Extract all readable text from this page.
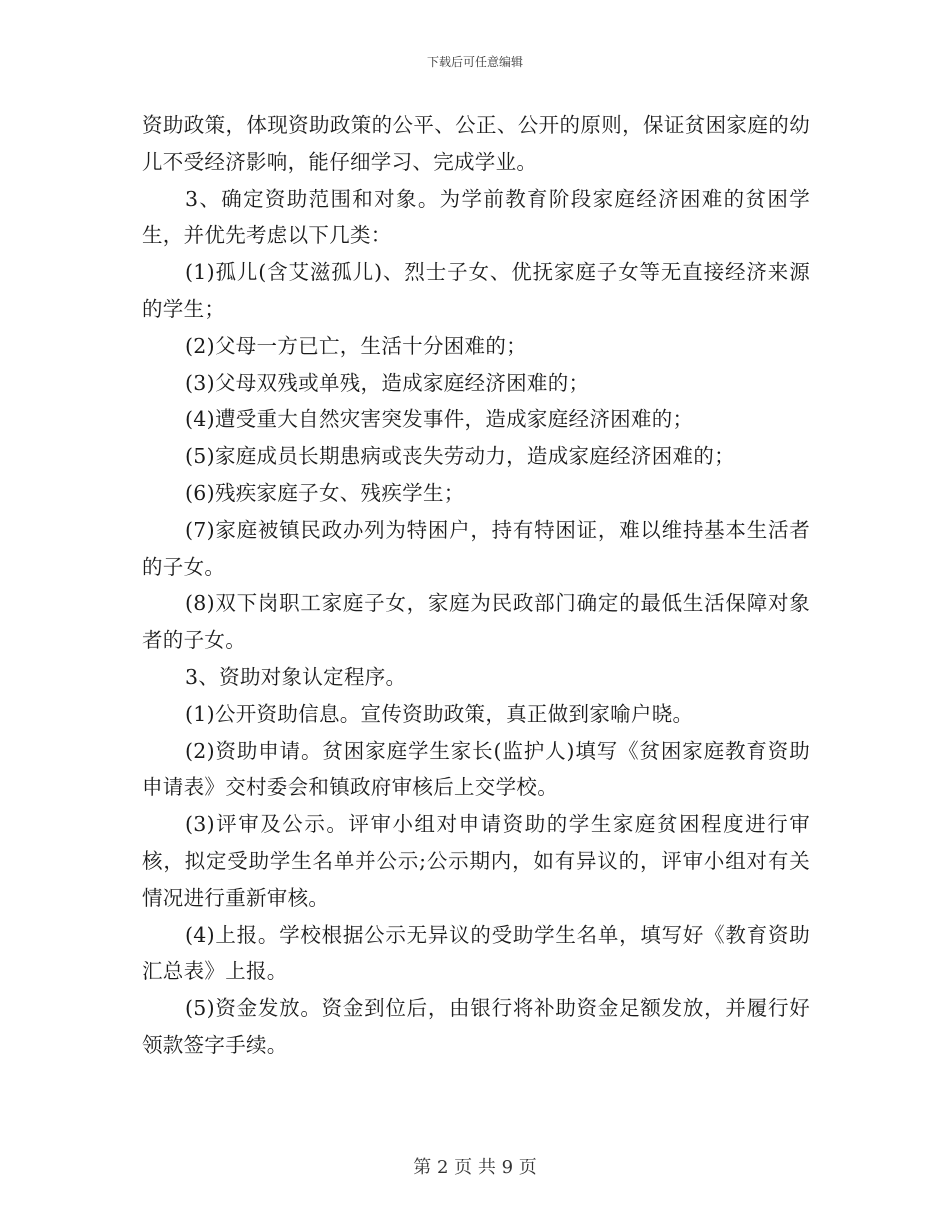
下载后可任意编辑

资助政策，体现资助政策的公平、公正、公开的原则，保证贫困家庭的幼儿不受经济影响，能仔细学习、完成学业。

3、确定资助范围和对象。为学前教育阶段家庭经济困难的贫困学生，并优先考虑以下几类：

(1)孤儿(含艾滋孤儿)、烈士子女、优抚家庭子女等无直接经济来源的学生；

(2)父母一方已亡，生活十分困难的；

(3)父母双残或单残，造成家庭经济困难的；

(4)遭受重大自然灾害突发事件，造成家庭经济困难的；

(5)家庭成员长期患病或丧失劳动力，造成家庭经济困难的；

(6)残疾家庭子女、残疾学生；

(7)家庭被镇民政办列为特困户，持有特困证，难以维持基本生活者的子女。

(8)双下岗职工家庭子女，家庭为民政部门确定的最低生活保障对象者的子女。

3、资助对象认定程序。

(1)公开资助信息。宣传资助政策，真正做到家喻户晓。

(2)资助申请。贫困家庭学生家长(监护人)填写《贫困家庭教育资助申请表》交村委会和镇政府审核后上交学校。

(3)评审及公示。评审小组对申请资助的学生家庭贫困程度进行审核，拟定受助学生名单并公示;公示期内，如有异议的，评审小组对有关情况进行重新审核。

(4)上报。学校根据公示无异议的受助学生名单，填写好《教育资助汇总表》上报。

(5)资金发放。资金到位后，由银行将补助资金足额发放，并履行好领款签字手续。

第 2 页 共 9 页
